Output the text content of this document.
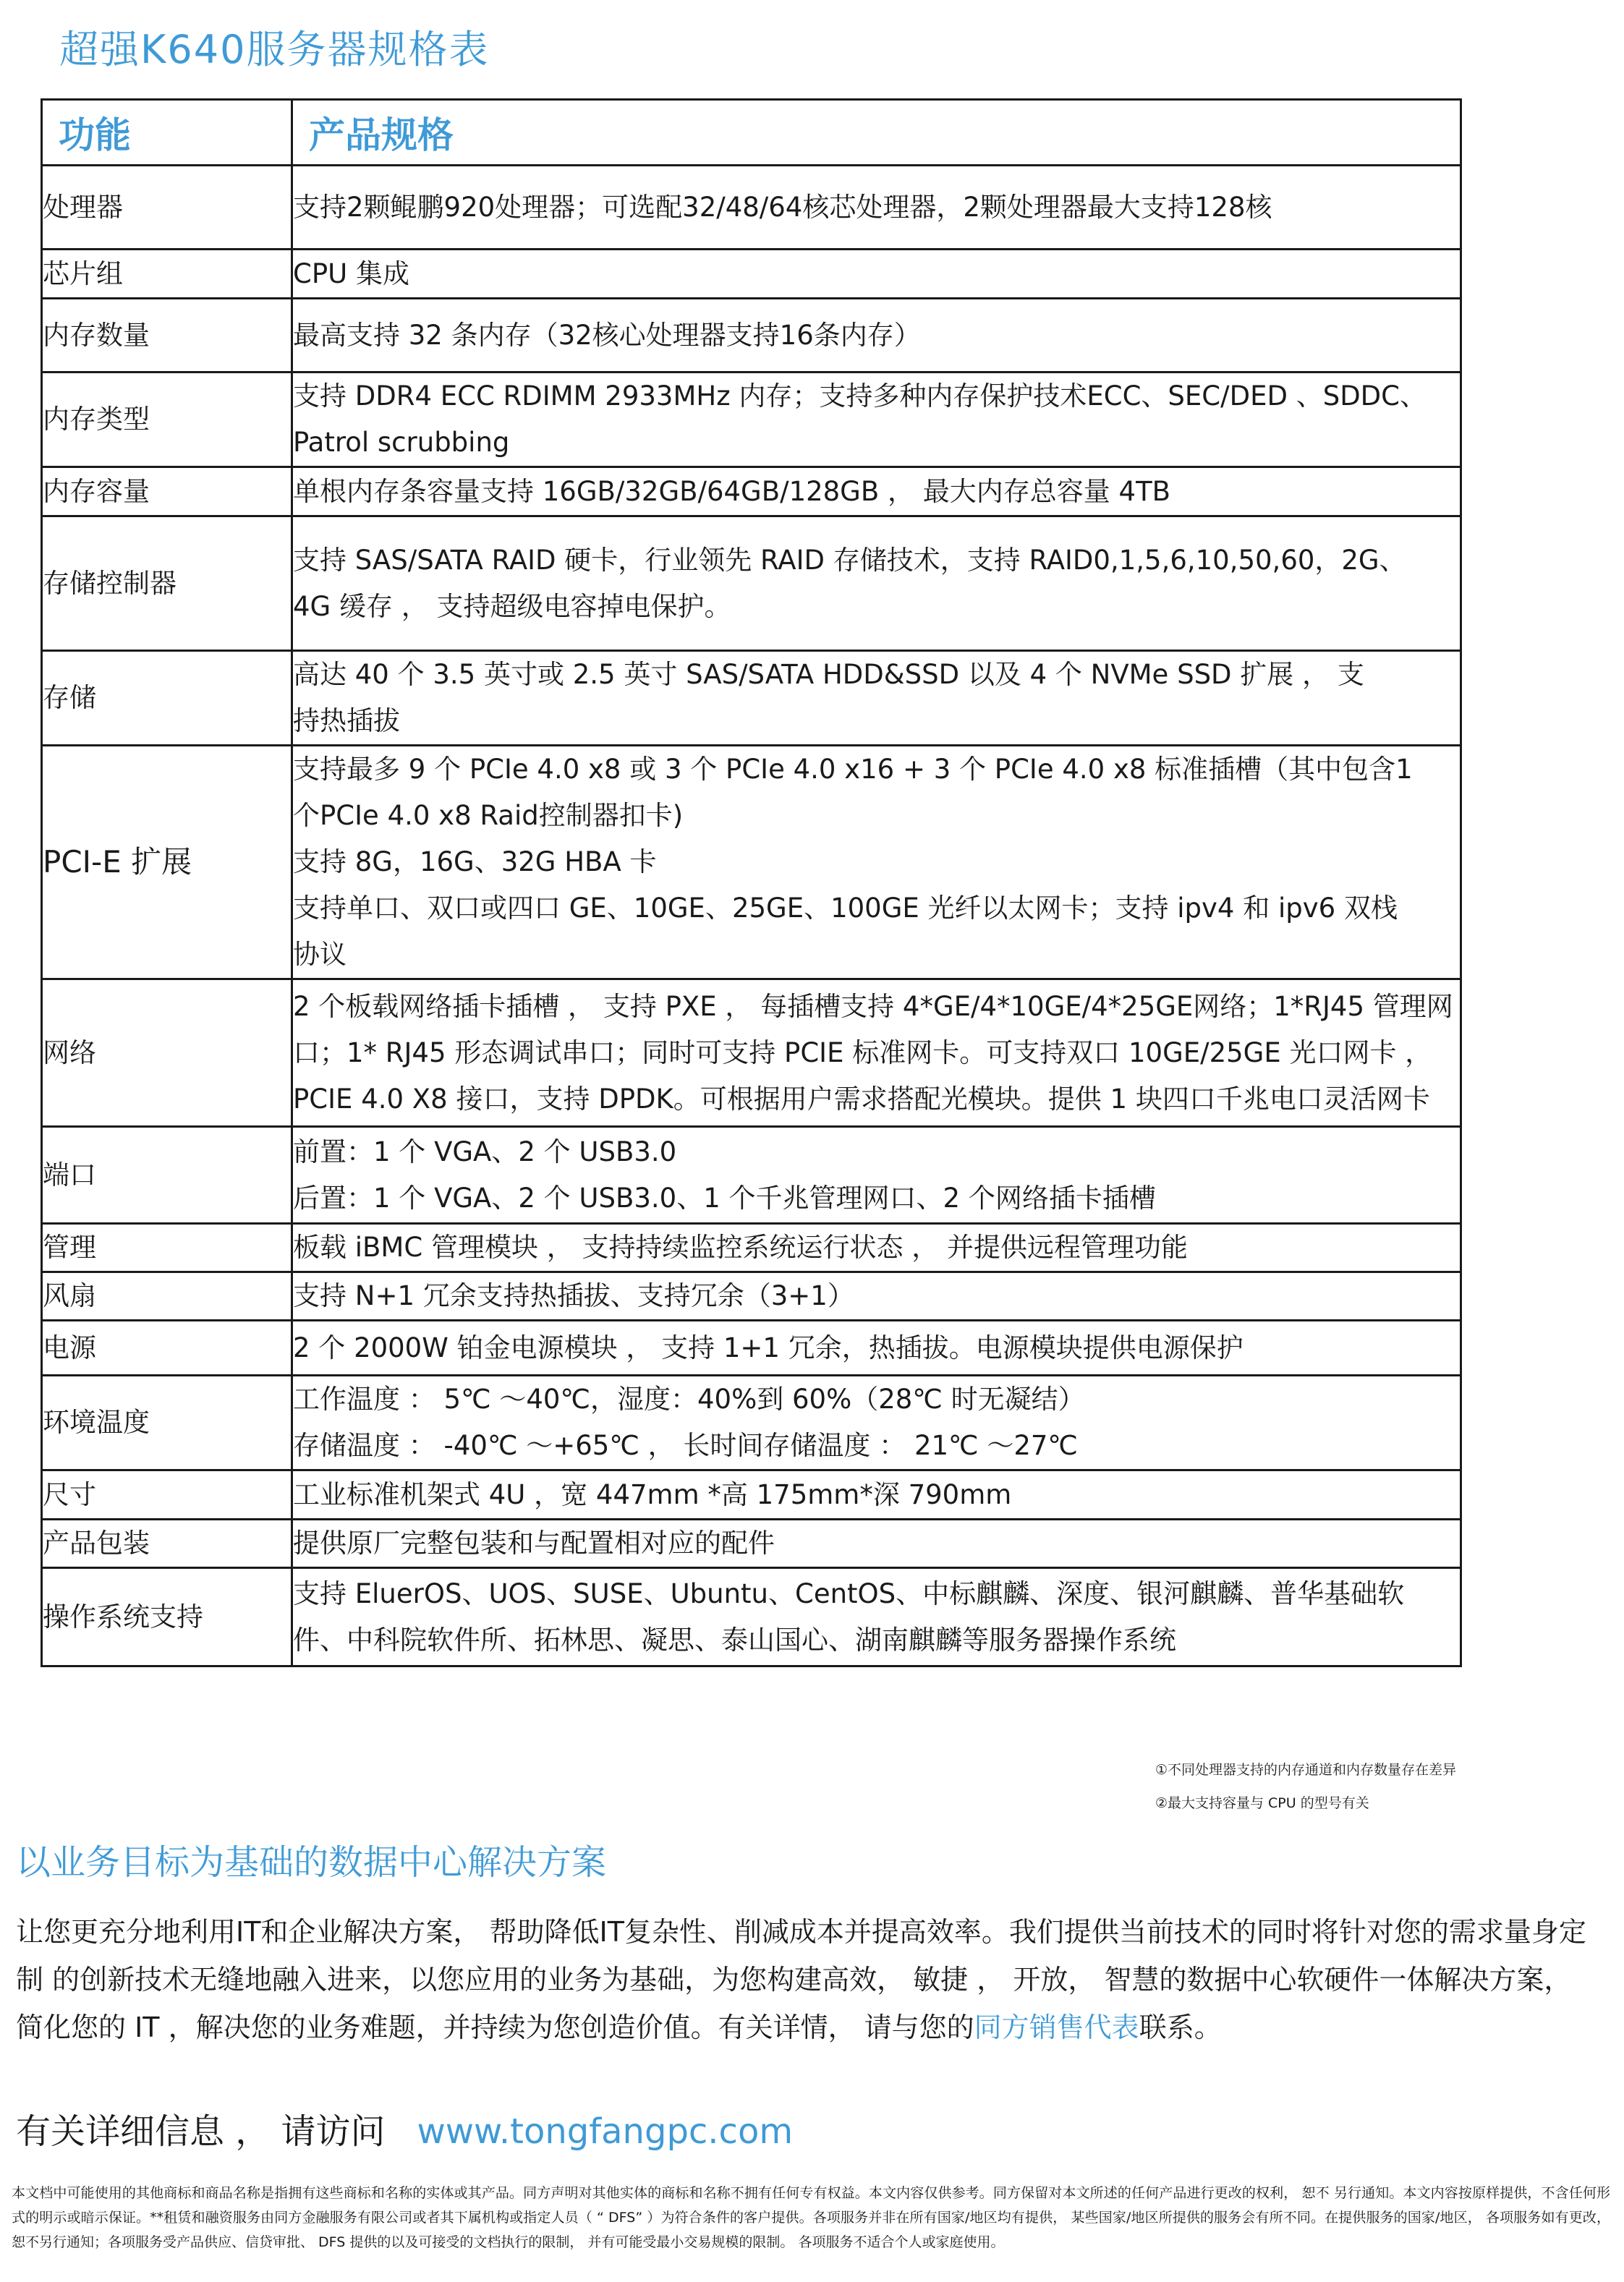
超强K640服务器规格表
功能	产品规格
处理器	支持2颗鲲鹏920处理器；可选配32/48/64核芯处理器，2颗处理器最大支持128核

芯片组	CPU 集成

内存数量	最高支持 32 条内存（32核心处理器支持16条内存）

内存类型	支持 DDR4 ECC RDIMM 2933MHz 内存；支持多种内存保护技术ECC、SEC/DED 、SDDC、
Patrol scrubbing

内存容量	单根内存条容量支持 16GB/32GB/64GB/128GB ， 最大内存总容量 4TB

存储控制器	支持 SAS/SATA RAID 硬卡，行业领先 RAID 存储技术，支持 RAID0,1,5,6,10,50,60，2G、
4G 缓存 ， 支持超级电容掉电保护。

存储	高达 40 个 3.5 英寸或 2.5 英寸 SAS/SATA HDD&SSD 以及 4 个 NVMe SSD 扩展 ， 支
持热插拔

PCI-E 扩展	支持最多 9 个 PCIe 4.0 x8 或 3 个 PCIe 4.0 x16 + 3 个 PCIe 4.0 x8 标准插槽（其中包含1
个PCIe 4.0 x8 Raid控制器扣卡)
支持 8G，16G、32G HBA 卡
支持单口、双口或四口 GE、10GE、25GE、100GE 光纤以太网卡；支持 ipv4 和 ipv6 双栈
协议

网络	2 个板载网络插卡插槽 ， 支持 PXE ， 每插槽支持 4*GE/4*10GE/4*25GE网络；1*RJ45 管理网
口；1* RJ45 形态调试串口；同时可支持 PCIE 标准网卡。可支持双口 10GE/25GE 光口网卡 ，
PCIE 4.0 X8 接口，支持 DPDK。可根据用户需求搭配光模块。提供 1 块四口千兆电口灵活网卡

端口	前置：1 个 VGA、2 个 USB3.0
后置：1 个 VGA、2 个 USB3.0、1 个千兆管理网口、2 个网络插卡插槽

管理	板载 iBMC 管理模块 ， 支持持续监控系统运行状态 ， 并提供远程管理功能

风扇	支持 N+1 冗余支持热插拔、支持冗余（3+1）

电源	2 个 2000W 铂金电源模块 ， 支持 1+1 冗余，热插拔。电源模块提供电源保护

环境温度	工作温度 ： 5℃ ～40℃，湿度：40%到 60%（28℃ 时无凝结）
存储温度 ： -40℃ ～+65℃ ， 长时间存储温度 ： 21℃ ～27℃

尺寸	工业标准机架式 4U ，宽 447mm *高 175mm*深 790mm

产品包装	提供原厂完整包装和与配置相对应的配件

操作系统支持	支持 EluerOS、UOS、SUSE、Ubuntu、CentOS、中标麒麟、深度、银河麒麟、普华基础软
件、中科院软件所、拓林思、凝思、泰山国心、湖南麒麟等服务器操作系统
①不同处理器支持的内存通道和内存数量存在差异
②最大支持容量与 CPU 的型号有关
以业务目标为基础的数据中心解决方案

让您更充分地利用IT和企业解决方案， 帮助降低IT复杂性、削减成本并提高效率。我们提供当前技术的同时将针对您的需求量身定制 的创新技术无缝地融入进来，以您应用的业务为基础，为您构建高效， 敏捷 ， 开放， 智慧的数据中心软硬件一体解决方案， 简化您的 IT ，解决您的业务难题，并持续为您创造价值。有关详情， 请与您的同方销售代表联系。

有关详细信息 ， 请访问 www.tongfangpc.com

本文档中可能使用的其他商标和商品名称是指拥有这些商标和名称的实体或其产品。同方声明对其他实体的商标和名称不拥有任何专有权益。本文内容仅供参考。同方保留对本文所述的任何产品进行更改的权利， 恕不 另行通知。本文内容按原样提供，不含任何形式的明示或暗示保证。**租赁和融资服务由同方金融服务有限公司或者其下属机构或指定人员（ “ DFS” ）为符合条件的客户提供。各项服务并非在所有国家/地区均有提供， 某些国家/地区所提供的服务会有所不同。在提供服务的国家/地区， 各项服务如有更改， 恕不另行通知；各项服务受产品供应、信贷审批、 DFS 提供的以及可接受的文档执行的限制， 并有可能受最小交易规模的限制。 各项服务不适合个人或家庭使用。
